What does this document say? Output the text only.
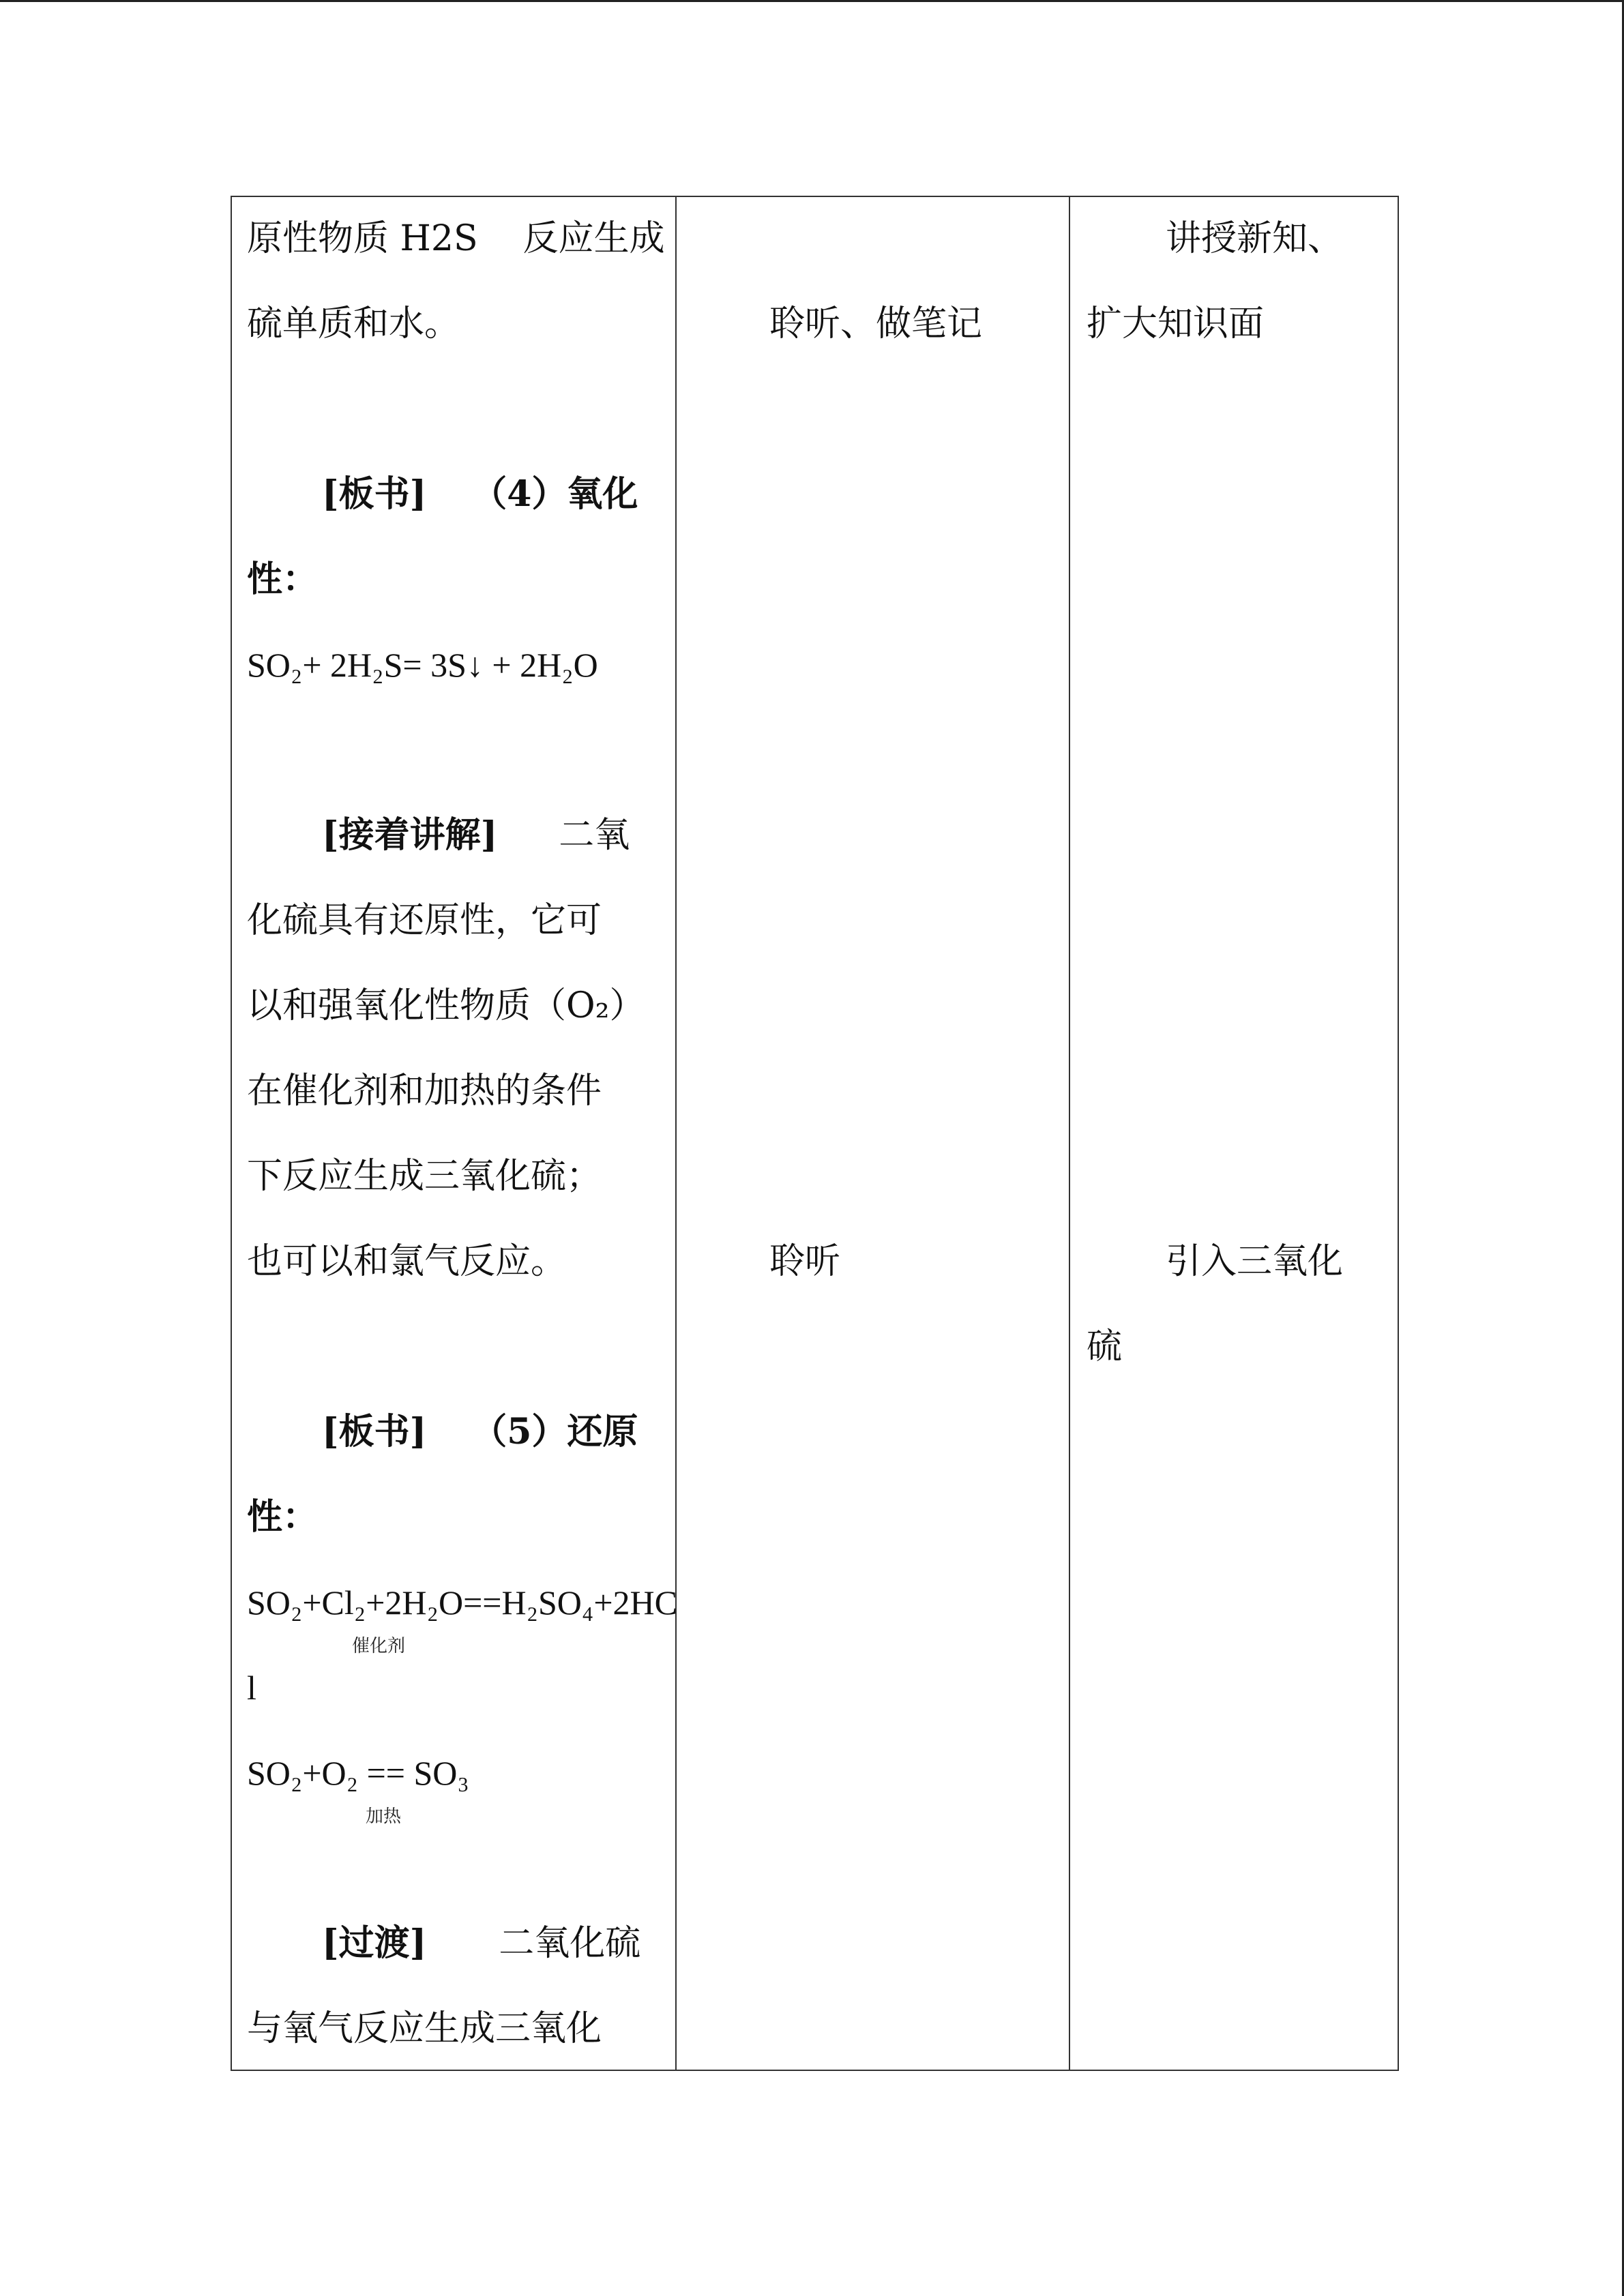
原性物质 H2S 反应生成
硫单质和水。
[板书] （4）氧化
性：
SO₂+ 2H₂S= 3S↓ + 2H₂O
[接着讲解] 二氧
化硫具有还原性，它可
以和强氧化性物质（O₂）
在催化剂和加热的条件
下反应生成三氧化硫；
也可以和氯气反应。
[板书] （5）还原
性：
SO₂+Cl₂+2H₂O==H₂SO₄+2HC
催化剂
l
SO₂+O₂ == SO₃
加热
[过渡] 二氧化硫
与氧气反应生成三氧化

聆听、做笔记
聆听

讲授新知、
扩大知识面
引入三氧化
硫
